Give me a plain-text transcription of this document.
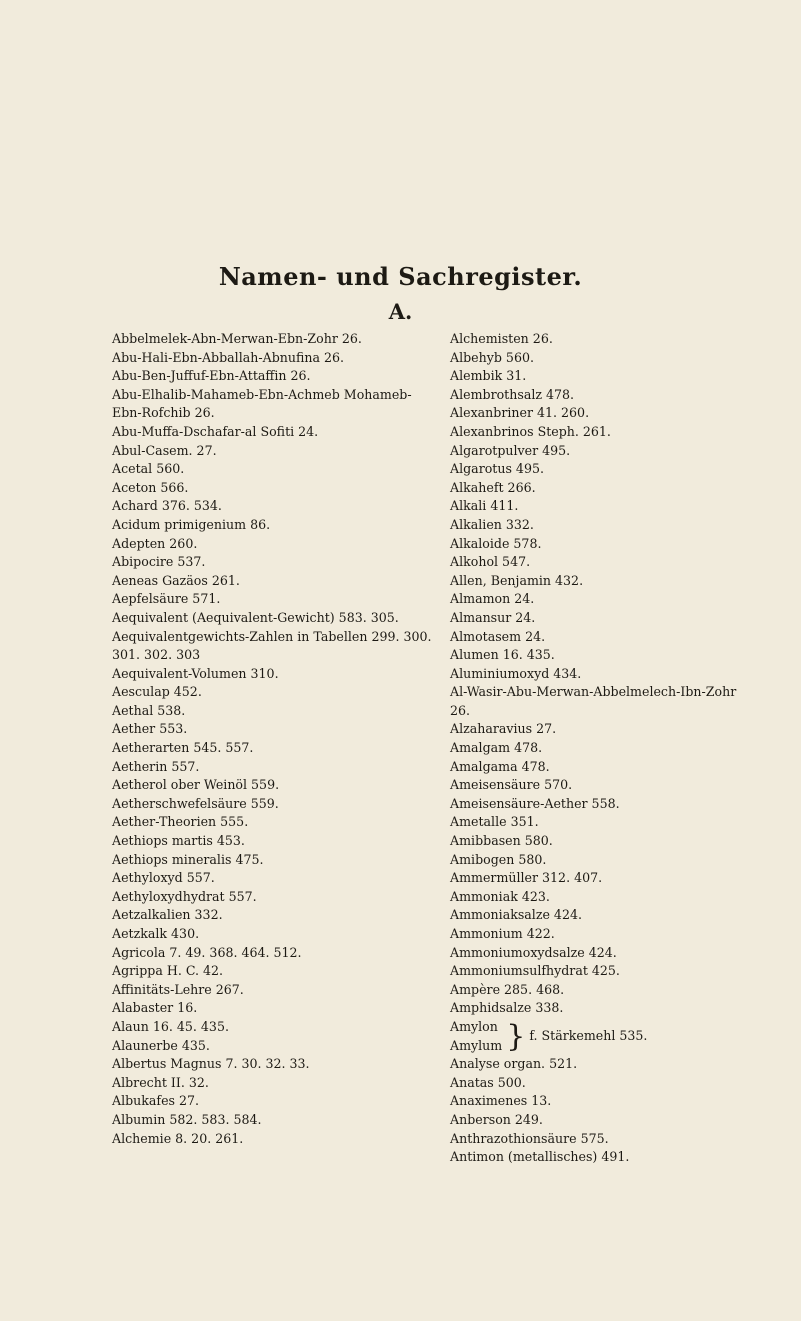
Namen- und Sachregister.
A.
Abbelmelek-Abn-Merwan-Ebn-Zohr 26.
Abu-Hali-Ebn-Abballah-Abnufina 26.
Abu-Ben-Juffuf-Ebn-Attaffin 26.
Abu-Elhalib-Mahameb-Ebn-Achmeb Mohameb-Ebn-Rofchib 26.
Abu-Muffa-Dschafar-al Sofiti 24.
Abul-Casem. 27.
Acetal 560.
Aceton 566.
Achard 376. 534.
Acidum primigenium 86.
Adepten 260.
Abipocire 537.
Aeneas Gazäos 261.
Aepfelsäure 571.
Aequivalent (Aequivalent-Gewicht) 583. 305.
Aequivalentgewichts-Zahlen in Tabellen 299. 300. 301. 302. 303
Aequivalent-Volumen 310.
Aesculap 452.
Aethal 538.
Aether 553.
Aetherarten 545. 557.
Aetherin 557.
Aetherol ober Weinöl 559.
Aetherschwefelsäure 559.
Aether-Theorien 555.
Aethiops martis 453.
Aethiops mineralis 475.
Aethyloxyd 557.
Aethyloxydhydrat 557.
Aetzalkalien 332.
Aetzkalk 430.
Agricola 7. 49. 368. 464. 512.
Agrippa H. C. 42.
Affinitäts-Lehre 267.
Alabaster 16.
Alaun 16. 45. 435.
Alaunerbe 435.
Albertus Magnus 7. 30. 32. 33.
Albrecht II. 32.
Albukafes 27.
Albumin 582. 583. 584.
Alchemie 8. 20. 261.
Alchemisten 26.
Albehyb 560.
Alembik 31.
Alembrothsalz 478.
Alexanbriner 41. 260.
Alexanbrinos Steph. 261.
Algarotpulver 495.
Algarotus 495.
Alkaheft 266.
Alkali 411.
Alkalien 332.
Alkaloide 578.
Alkohol 547.
Allen, Benjamin 432.
Almamon 24.
Almansur 24.
Almotasem 24.
Alumen 16. 435.
Aluminiumoxyd 434.
Al-Wasir-Abu-Merwan-Abbelmelech-Ibn-Zohr 26.
Alzaharavius 27.
Amalgam 478.
Amalgama 478.
Ameisensäure 570.
Ameisensäure-Aether 558.
Ametalle 351.
Amibbasen 580.
Amibogen 580.
Ammermüller 312. 407.
Ammoniak 423.
Ammoniaksalze 424.
Ammonium 422.
Ammoniumoxydsalze 424.
Ammoniumsulfhydrat 425.
Ampère 285. 468.
Amphidsalze 338.
Amylon
Amylum } f. Stärkemehl 535.
Analyse organ. 521.
Anatas 500.
Anaximenes 13.
Anberson 249.
Anthrazothionsäure 575.
Antimon (metallisches) 491.
